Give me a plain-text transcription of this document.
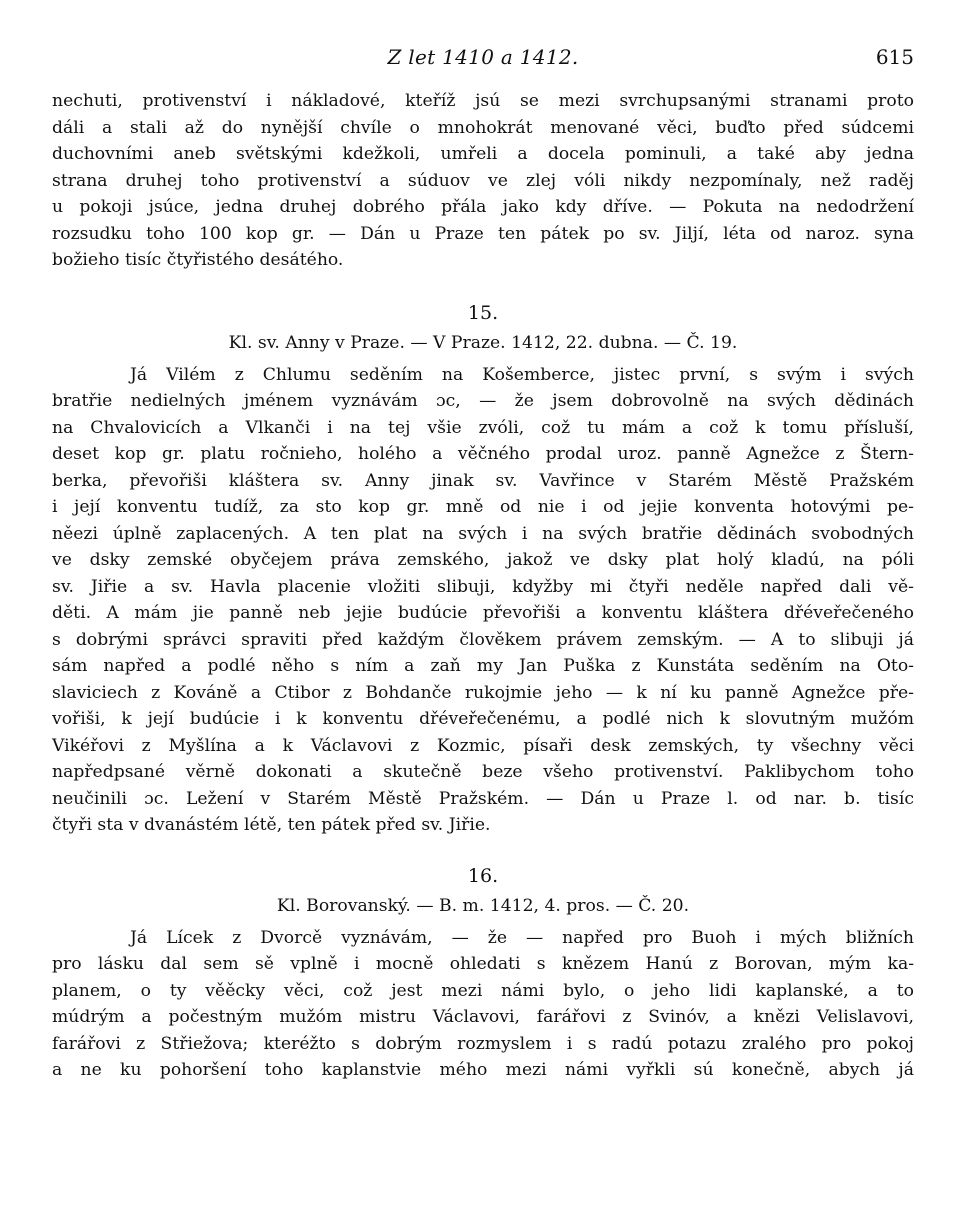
Z let 1410 a 1412.	615
nechuti, protivenství i nákladové, kteříž jsú se mezi svrchupsanými stranami proto
dáli a stali až do nynější chvíle o mnohokrát menované věci, buďto před súdcemi
duchovními aneb světskými kdežkoli, umřeli a docela pominuli, a také aby jedna
strana druhej toho protivenství a súduov ve zlej vóli nikdy nezpomínaly, než raděj
u pokoji jsúce, jedna druhej dobrého přála jako kdy dříve. — Pokuta na nedodržení
rozsudku toho 100 kop gr. — Dán u Praze ten pátek po sv. Jiljí, léta od naroz. syna
božieho tisíc čtyřistého desátého.
15.
Kl. sv. Anny v Praze. — V Praze. 1412, 22. dubna. — Č. 19.
Já Vilém z Chlumu seděním na Košemberce, jistec první, s svým i svých
bratřie nedielných jménem vyznávám ɔc, — že jsem dobrovolně na svých dědinách
na Chvalovicích a Vlkanči i na tej všie zvóli, což tu mám a což k tomu přísluší,
deset kop gr. platu ročnieho, holého a věčného prodal uroz. panně Agnežce z Štern-
berka, převořiši kláštera sv. Anny jinak sv. Vavřince v Starém Městě Pražském
i její konventu tudíž, za sto kop gr. mně od nie i od jejie konventa hotovými pe-
něezi úplně zaplacených. A ten plat na svých i na svých bratřie dědinách svobodných
ve dsky zemské obyčejem práva zemského, jakož ve dsky plat holý kladú, na póli
sv. Jiřie a sv. Havla placenie vložiti slibuji, kdyžby mi čtyři neděle napřed dali vě-
děti. A mám jie panně neb jejie budúcie převořiši a konventu kláštera dřéveřečeného
s dobrými správci spraviti před každým člověkem právem zemským. — A to slibuji já
sám napřed a podlé něho s ním a zaň my Jan Puška z Kunstáta seděním na Oto-
slaviciech z Kováně a Ctibor z Bohdanče rukojmie jeho — k ní ku panně Agnežce pře-
vořiši, k její budúcie i k konventu dřéveřečenému, a podlé nich k slovutným mužóm
Vikéřovi z Myšlína a k Václavovi z Kozmic, písaři desk zemských, ty všechny věci
napředpsané věrně dokonati a skutečně beze všeho protivenství. Paklibychom toho
neučinili ɔc. Ležení v Starém Městě Pražském. — Dán u Praze l. od nar. b. tisíc
čtyři sta v dvanástém létě, ten pátek před sv. Jiřie.
16.
Kl. Borovanský. — B. m. 1412, 4. pros. — Č. 20.
Já Lícek z Dvorcě vyznávám, — že — napřed pro Buoh i mých bližních
pro lásku dal sem sě vplně i mocně ohledati s knězem Hanú z Borovan, mým ka-
planem, o ty věěcky věci, což jest mezi námi bylo, o jeho lidi kaplanské, a to
múdrým a počestným mužóm mistru Václavovi, farářovi z Svinóv, a knězi Velislavovi,
farářovi z Střiežova; kteréžto s dobrým rozmyslem i s radú potazu zralého pro pokoj
a ne ku pohoršení toho kaplanstvie mého mezi námi vyřkli sú konečně, abych já
